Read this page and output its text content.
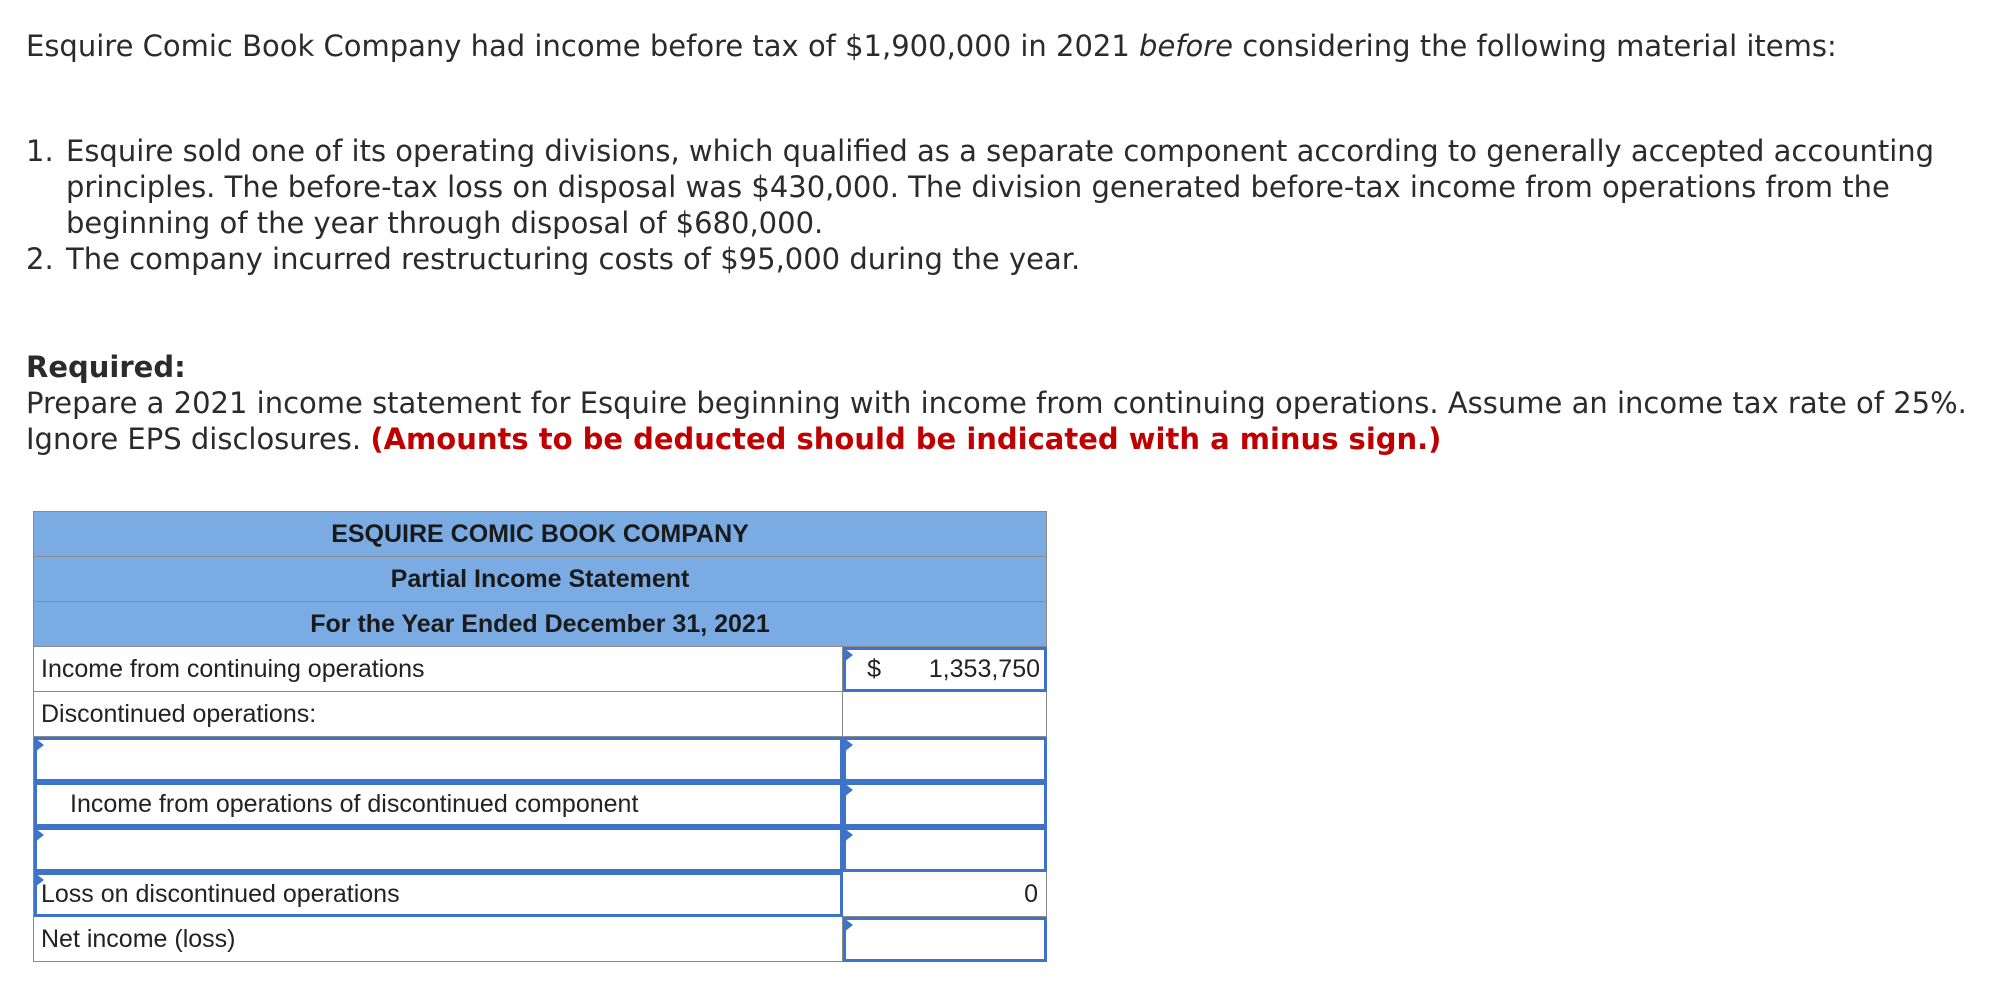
Esquire Comic Book Company had income before tax of $1,900,000 in 2021 before considering the following material items:
1. Esquire sold one of its operating divisions, which qualified as a separate component according to generally accepted accounting principles. The before-tax loss on disposal was $430,000. The division generated before-tax income from operations from the beginning of the year through disposal of $680,000.
2. The company incurred restructuring costs of $95,000 during the year.
Required:
Prepare a 2021 income statement for Esquire beginning with income from continuing operations. Assume an income tax rate of 25%. Ignore EPS disclosures. (Amounts to be deducted should be indicated with a minus sign.)
ESQUIRE COMIC BOOK COMPANY	
Partial Income Statement	
For the Year Ended December 31, 2021	
Income from continuing operations	$ 1,353,750

Discontinued operations:	

Income from operations of discontinued component	

Loss on discontinued operations	0
Net income (loss)	
